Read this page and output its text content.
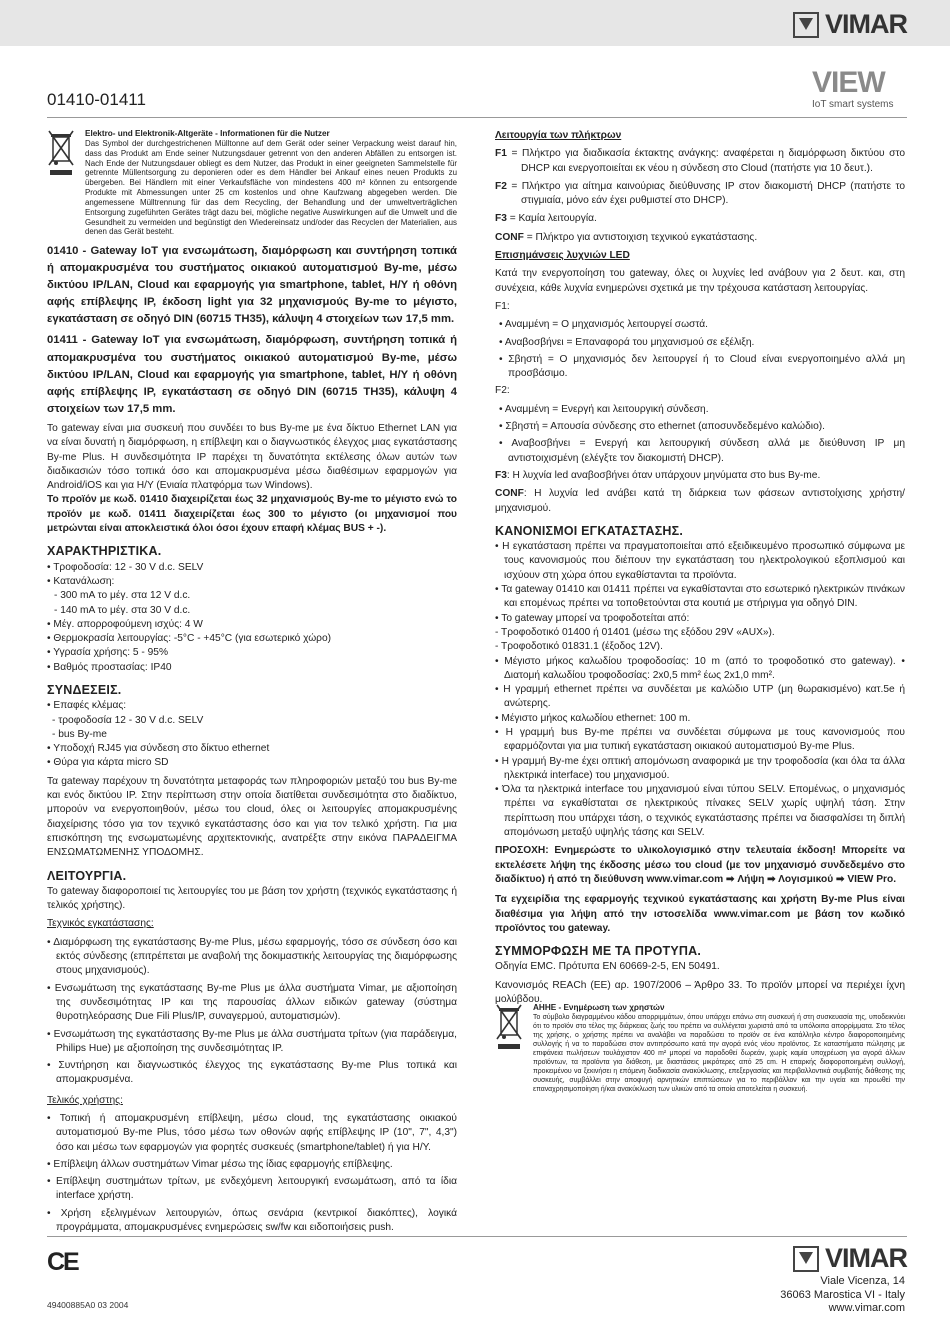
VIMAR
01410-01411
VIEW
IoT smart systems
Elektro- und Elektronik-Altgeräte - Informationen für die Nutzer
Das Symbol der durchgestrichenen Mülltonne auf dem Gerät oder seiner Verpackung weist darauf hin, dass das Produkt am Ende seiner Nutzungsdauer getrennt von den anderen Abfällen zu entsorgen ist. Nach Ende der Nutzungsdauer obliegt es dem Nutzer, das Produkt in einer geeigneten Sammelstelle für getrennte Müllentsorgung zu deponieren oder es dem Händler bei Ankauf eines neuen Produkts zu übergeben. Bei Händlern mit einer Verkaufsfläche von mindestens 400 m² können zu entsorgende Produkte mit Abmessungen unter 25 cm kostenlos und ohne Kaufzwang abgegeben werden. Die angemessene Mülltrennung für das dem Recycling, der Behandlung und der umweltverträglichen Entsorgung zugeführten Gerätes trägt dazu bei, mögliche negative Auswirkungen auf die Umwelt und die Gesundheit zu vermeiden und begünstigt den Wiedereinsatz und/oder das Recyclen der Materialien, aus denen das Gerät besteht.

01410 - Gateway IoT για ενσωμάτωση, διαμόρφωση και συντήρηση τοπικά ή απομακρυσμένα του συστήματος οικιακού αυτοματισμού By-me, μέσω δικτύου IP/LAN, Cloud και εφαρμογής για smartphone, tablet, Η/Υ ή οθόνη αφής επίβλεψης IP, έκδοση light για 32 μηχανισμούς By-me το μέγιστο, εγκατάσταση σε οδηγό DIN (60715 TH35), κάλυψη 4 στοιχείων των 17,5 mm.

01411 - Gateway IoT για ενσωμάτωση, διαμόρφωση, συντήρηση τοπικά ή απομακρυσμένα του συστήματος οικιακού αυτοματισμού By-me, μέσω δικτύου IP/LAN, Cloud και εφαρμογής για smartphone, tablet, Η/Υ ή οθόνη αφής επίβλεψης IP, εγκατάσταση σε οδηγό DIN (60715 TH35), κάλυψη 4 στοιχείων των 17,5 mm.

Το gateway είναι μια συσκευή που συνδέει το bus By-me με ένα δίκτυο Ethernet LAN για να είναι δυνατή η διαμόρφωση, η επίβλεψη και ο διαγνωστικός έλεγχος μιας εγκατάστασης By-me Plus. Η συνδεσιμότητα IP παρέχει τη δυνατότητα εκτέλεσης όλων αυτών των διαδικασιών τόσο τοπικά όσο και απομακρυσμένα μέσω διαθέσιμων εφαρμογών για Android/iOS και για Η/Υ (Ενιαία πλατφόρμα των Windows).

Το προϊόν με κωδ. 01410 διαχειρίζεται έως 32 μηχανισμούς By-me το μέγιστο ενώ το προϊόν με κωδ. 01411 διαχειρίζεται έως 300 το μέγιστο (οι μηχανισμοί που μετρώνται είναι αποκλειστικά όλοι όσοι έχουν επαφή κλέμας BUS + -).

ΧΑΡΑΚΤΗΡΙΣΤΙΚΑ.
• Τροφοδοσία: 12 - 30 V d.c. SELV
• Κατανάλωση:
- 300 mA το μέγ. στα 12 V d.c.
- 140 mA το μέγ. στα 30 V d.c.
• Μέγ. απορροφούμενη ισχύς: 4 W
• Θερμοκρασία λειτουργίας: -5°C - +45°C (για εσωτερικό χώρο)
• Υγρασία χρήσης: 5 - 95%
• Βαθμός προστασίας: IP40
ΣΥΝΔΕΣΕΙΣ.
• Επαφές κλέμας:
- τροφοδοσία 12 - 30 V d.c. SELV
- bus By-me
• Υποδοχή RJ45 για σύνδεση στο δίκτυο ethernet
• Θύρα για κάρτα micro SD

Τα gateway παρέχουν τη δυνατότητα μεταφοράς των πληροφοριών μεταξύ του bus By-me και ενός δικτύου IP. Στην περίπτωση στην οποία διατίθεται συνδεσιμότητα στο διαδίκτυο, μπορούν να ενεργοποιηθούν, μέσω του cloud, όλες οι λειτουργίες απομακρυσμένης διαχείρισης τόσο για τον τεχνικό εγκατάστασης όσο και για τον τελικό χρήστη. Για μια επισκόπηση της ενσωματωμένης αρχιτεκτονικής, ανατρέξτε στην εικόνα ΠΑΡΑΔΕΙΓΜΑ ΕΝΣΩΜΑΤΩΜΕΝΗΣ ΥΠΟΔΟΜΗΣ.

ΛΕΙΤΟΥΡΓΙΑ.

Το gateway διαφοροποιεί τις λειτουργίες του με βάση τον χρήστη (τεχνικός εγκατάστασης ή τελικός χρήστης).

Τεχνικός εγκατάστασης:

• Διαμόρφωση της εγκατάστασης By-me Plus, μέσω εφαρμογής, τόσο σε σύνδεση όσο και εκτός σύνδεσης (επιτρέπεται με αναβολή της δοκιμαστικής λειτουργίας της διαμόρφωσης στους μηχανισμούς).
• Ενσωμάτωση της εγκατάστασης By-me Plus με άλλα συστήματα Vimar, με αξιοποίηση της συνδεσιμότητας IP και της παρουσίας άλλων ειδικών gateway (σύστημα θυροτηλεόρασης Due Fili Plus/IP, συναγερμού, αυτοματισμών).
• Ενσωμάτωση της εγκατάστασης By-me Plus με άλλα συστήματα τρίτων (για παράδειγμα, Philips Hue) με αξιοποίηση της συνδεσιμότητας IP.
• Συντήρηση και διαγνωστικός έλεγχος της εγκατάστασης By-me Plus τοπικά και απομακρυσμένα.

Τελικός χρήστης:

• Τοπική ή απομακρυσμένη επίβλεψη, μέσω cloud, της εγκατάστασης οικιακού αυτοματισμού By-me Plus, τόσο μέσω των οθονών αφής επίβλεψης IP (10", 7", 4,3") όσο και μέσω των εφαρμογών για φορητές συσκευές (smartphone/tablet) ή για Η/Υ.
• Επίβλεψη άλλων συστημάτων Vimar μέσω της ίδιας εφαρμογής επίβλεψης.
• Επίβλεψη συστημάτων τρίτων, με ενδεχόμενη λειτουργική ενσωμάτωση, από τα ίδια interface χρήστη.
• Χρήση εξελιγμένων λειτουργιών, όπως σενάρια (κεντρικοί διακόπτες), λογικά προγράμματα, απομακρυσμένες ενημερώσεις sw/fw και ειδοποιήσεις push.

Λειτουργία των πλήκτρων

F1 = Πλήκτρο για διαδικασία έκτακτης ανάγκης: αναφέρεται η διαμόρφωση δικτύου στο DHCP και ενεργοποιείται εκ νέου η σύνδεση στο Cloud (πατήστε για 10 δευτ.).

F2 = Πλήκτρο για αίτημα καινούριας διεύθυνσης IP στον διακομιστή DHCP (πατήστε το στιγμιαία, μόνο εάν έχει ρυθμιστεί στο DHCP).

F3 = Καμία λειτουργία.

CONF = Πλήκτρο για αντιστοιχιση τεχνικού εγκατάστασης.

Επισημάνσεις λυχνιών LED

Κατά την ενεργοποίηση του gateway, όλες οι λυχνίες led ανάβουν για 2 δευτ. και, στη συνέχεια, κάθε λυχνία ενημερώνει σχετικά με την τρέχουσα κατάσταση λειτουργίας.

F1:

• Αναμμένη = Ο μηχανισμός λειτουργεί σωστά.
• Αναβοσβήνει = Επαναφορά του μηχανισμού σε εξέλιξη.
• Σβηστή = Ο μηχανισμός δεν λειτουργεί ή το Cloud είναι ενεργοποιημένο αλλά μη προσβάσιμο.

F2:

• Αναμμένη = Ενεργή και λειτουργική σύνδεση.
• Σβηστή = Απουσία σύνδεσης στο ethernet (αποσυνδεδεμένο καλώδιο).
• Αναβοσβήνει = Ενεργή και λειτουργική σύνδεση αλλά με διεύθυνση IP μη αντιστοιχισμένη (ελέγξτε τον διακομιστή DHCP).

F3: Η λυχνία led αναβοσβήνει όταν υπάρχουν μηνύματα στο bus By-me.

CONF: Η λυχνία led ανάβει κατά τη διάρκεια των φάσεων αντιστοίχισης χρήστη/μηχανισμού.

ΚΑΝΟΝΙΣΜΟΙ ΕΓΚΑΤΑΣΤΑΣΗΣ.
• Η εγκατάσταση πρέπει να πραγματοποιείται από εξειδικευμένο προσωπικό σύμφωνα με τους κανονισμούς που διέπουν την εγκατάσταση του ηλεκτρολογικού εξοπλισμού και ισχύουν στη χώρα όπου εγκαθίστανται τα προϊόντα.
• Τα gateway 01410 και 01411 πρέπει να εγκαθίστανται στο εσωτερικό ηλεκτρικών πινάκων και επομένως πρέπει να τοποθετούνται στα κουτιά με στήριγμα για οδηγό DIN.
• Το gateway μπορεί να τροφοδοτείται από:
- Τροφοδοτικό 01400 ή 01401 (μέσω της εξόδου 29V «AUX»).
- Τροφοδοτικό 01831.1 (έξοδος 12V).
• Μέγιστο μήκος καλωδίου τροφοδοσίας: 10 m (από το τροφοδοτικό στο gateway). • Διατομή καλωδίου τροφοδοσίας: 2x0,5 mm² έως 2x1,0 mm².
• Η γραμμή ethernet πρέπει να συνδέεται με καλώδιο UTP (μη θωρακισμένο) κατ.5e ή ανώτερης.
• Μέγιστο μήκος καλωδίου ethernet: 100 m.
• Η γραμμή bus By-me πρέπει να συνδέεται σύμφωνα με τους κανονισμούς που εφαρμόζονται για μια τυπική εγκατάσταση οικιακού αυτοματισμού By-me Plus.
• Η γραμμή By-me έχει οπτική απομόνωση αναφορικά με την τροφοδοσία (και όλα τα άλλα ηλεκτρικά interface) του μηχανισμού.
• Όλα τα ηλεκτρικά interface του μηχανισμού είναι τύπου SELV. Επομένως, ο μηχανισμός πρέπει να εγκαθίσταται σε ηλεκτρικούς πίνακες SELV χωρίς υψηλή τάση. Στην περίπτωση που υπάρχει τάση, ο τεχνικός εγκατάστασης πρέπει να διασφαλίσει τη διπλή απομόνωση μεταξύ υψηλής τάσης και SELV.

ΠΡΟΣΟΧΗ: Ενημερώστε το υλικολογισμικό στην τελευταία έκδοση! Μπορείτε να εκτελέσετε λήψη της έκδοσης μέσω του cloud (με τον μηχανισμό συνδεδεμένο στο διαδίκτυο) ή από τη διεύθυνση www.vimar.com ➡ Λήψη ➡ Λογισμικού ➡ VIEW Pro.

Τα εγχειρίδια της εφαρμογής τεχνικού εγκατάστασης και χρήστη By-me Plus είναι διαθέσιμα για λήψη από την ιστοσελίδα www.vimar.com με βάση τον κωδικό προϊόντος του gateway.

ΣΥΜΜΟΡΦΩΣΗ ΜΕ ΤΑ ΠΡΟΤΥΠΑ.

Οδηγία EMC. Πρότυπα EN 60669-2-5, EN 50491.

Κανονισμός REACh (ΕΕ) αρ. 1907/2006 – Άρθρο 33. Το προϊόν μπορεί να περιέχει ίχνη μολύβδου.

ΑΗΗΕ - Ενημέρωση των χρηστών
Το σύμβολο διαγραμμένου κάδου απορριμμάτων, όπου υπάρχει επάνω στη συσκευή ή στη συσκευασία της, υποδεικνύει ότι το προϊόν στο τέλος της διάρκειας ζωής του πρέπει να συλλέγεται χωριστά από τα υπόλοιπα απορρίμματα. Στο τέλος της χρήσης, ο χρήστης πρέπει να αναλάβει να παραδώσει το προϊόν σε ένα κατάλληλο κέντρο διαφοροποιημένης συλλογής ή να το παραδώσει στον αντιπρόσωπο κατά την αγορά ενός νέου προϊόντος. Σε καταστήματα πώλησης με επιφάνεια πωλήσεων τουλάχιστον 400 m² μπορεί να παραδοθεί δωρεάν, χωρίς καμία υποχρέωση για αγορά άλλων προϊόντων, τα προϊόντα για διάθεση, με διαστάσεις μικρότερες από 25 cm. Η επαρκής διαφοροποιημένη συλλογή, προκειμένου να ξεκινήσει η επόμενη διαδικασία ανακύκλωσης, επεξεργασίας και περιβαλλοντικά συμβατής διάθεσης της συσκευής, συμβάλλει στην αποφυγή αρνητικών επιπτώσεων για το περιβάλλον και την υγεία και προωθεί την επαναχρησιμοποίηση ή/και ανακύκλωση των υλικών από τα οποία αποτελείται η συσκευή.
CE
49400885A0 03 2004
VIMAR
Viale Vicenza, 14
36063 Marostica VI - Italy
www.vimar.com
